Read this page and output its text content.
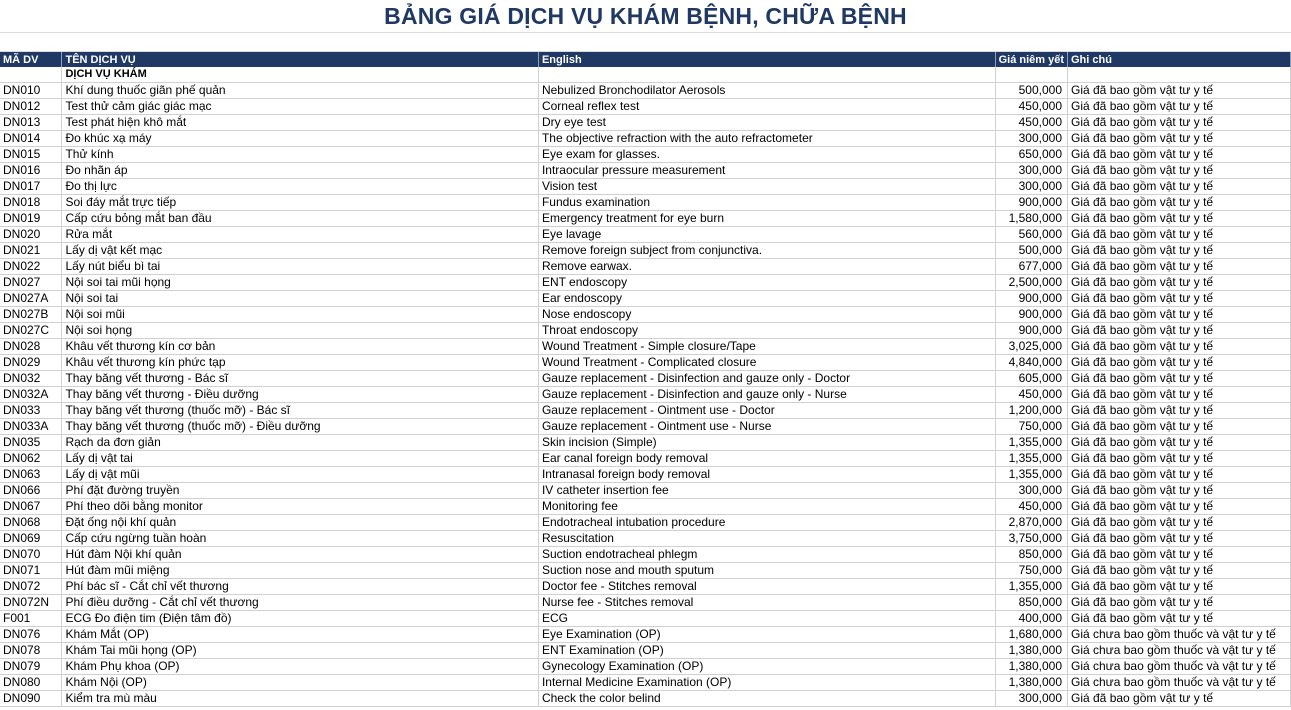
BẢNG GIÁ DỊCH VỤ KHÁM BỆNH, CHỮA BỆNH
MÃ DV	TÊN DỊCH VỤ	English	Giá niêm yết	Ghi chú
	DỊCH VỤ KHÁM			
DN010	Khí dung thuốc giãn phế quản	Nebulized Bronchodilator Aerosols	500,000	Giá đã bao gồm vật tư y tế
DN012	Test thử cảm giác giác mạc	Corneal reflex test	450,000	Giá đã bao gồm vật tư y tế
DN013	Test phát hiện khô mắt	Dry eye test	450,000	Giá đã bao gồm vật tư y tế
DN014	Đo khúc xạ máy	The objective refraction with the auto refractometer	300,000	Giá đã bao gồm vật tư y tế
DN015	Thử kính	Eye exam for glasses.	650,000	Giá đã bao gồm vật tư y tế
DN016	Đo nhãn áp	Intraocular pressure measurement	300,000	Giá đã bao gồm vật tư y tế
DN017	Đo thị lực	Vision test	300,000	Giá đã bao gồm vật tư y tế
DN018	Soi đáy mắt trực tiếp	Fundus examination	900,000	Giá đã bao gồm vật tư y tế
DN019	Cấp cứu bỏng mắt ban đầu	Emergency treatment for eye burn	1,580,000	Giá đã bao gồm vật tư y tế
DN020	Rửa mắt	Eye lavage	560,000	Giá đã bao gồm vật tư y tế
DN021	Lấy dị vật kết mạc	Remove foreign subject from conjunctiva.	500,000	Giá đã bao gồm vật tư y tế
DN022	Lấy nút biểu bì tai	Remove earwax.	677,000	Giá đã bao gồm vật tư y tế
DN027	Nội soi tai mũi họng	ENT endoscopy	2,500,000	Giá đã bao gồm vật tư y tế
DN027A	Nội soi tai	Ear endoscopy	900,000	Giá đã bao gồm vật tư y tế
DN027B	Nội soi mũi	Nose endoscopy	900,000	Giá đã bao gồm vật tư y tế
DN027C	Nội soi họng	Throat endoscopy	900,000	Giá đã bao gồm vật tư y tế
DN028	Khâu vết thương kín cơ bản	Wound Treatment - Simple closure/Tape	3,025,000	Giá đã bao gồm vật tư y tế
DN029	Khâu vết thương kín phức tạp	Wound Treatment - Complicated closure	4,840,000	Giá đã bao gồm vật tư y tế
DN032	Thay băng vết thương - Bác sĩ	Gauze replacement - Disinfection and gauze only - Doctor	605,000	Giá đã bao gồm vật tư y tế
DN032A	Thay băng vết thương - Điều dưỡng	Gauze replacement - Disinfection and gauze only - Nurse	450,000	Giá đã bao gồm vật tư y tế
DN033	Thay băng vết thương (thuốc mỡ) - Bác sĩ	Gauze replacement - Ointment use - Doctor	1,200,000	Giá đã bao gồm vật tư y tế
DN033A	Thay băng vết thương (thuốc mỡ) - Điều dưỡng	Gauze replacement - Ointment use - Nurse	750,000	Giá đã bao gồm vật tư y tế
DN035	Rạch da đơn giản	Skin incision (Simple)	1,355,000	Giá đã bao gồm vật tư y tế
DN062	Lấy dị vật tai	Ear canal foreign body removal	1,355,000	Giá đã bao gồm vật tư y tế
DN063	Lấy dị vật mũi	Intranasal foreign body removal	1,355,000	Giá đã bao gồm vật tư y tế
DN066	Phí đặt đường truyền	IV catheter insertion fee	300,000	Giá đã bao gồm vật tư y tế
DN067	Phí theo dõi bằng monitor	Monitoring fee	450,000	Giá đã bao gồm vật tư y tế
DN068	Đặt ống nội khí quản	Endotracheal intubation procedure	2,870,000	Giá đã bao gồm vật tư y tế
DN069	Cấp cứu ngừng tuần hoàn	Resuscitation	3,750,000	Giá đã bao gồm vật tư y tế
DN070	Hút đàm Nội khí quản	Suction endotracheal phlegm	850,000	Giá đã bao gồm vật tư y tế
DN071	Hút đàm mũi miệng	Suction nose and mouth sputum	750,000	Giá đã bao gồm vật tư y tế
DN072	Phí bác sĩ - Cắt chỉ vết thương	Doctor fee - Stitches removal	1,355,000	Giá đã bao gồm vật tư y tế
DN072N	Phí điều dưỡng - Cắt chỉ vết thương	Nurse fee - Stitches removal	850,000	Giá đã bao gồm vật tư y tế
F001	ECG Đo điện tim (Điện tâm đồ)	ECG	400,000	Giá đã bao gồm vật tư y tế
DN076	Khám Mắt (OP)	Eye Examination (OP)	1,680,000	Giá chưa bao gồm thuốc và vật tư y tế
DN078	Khám Tai mũi họng (OP)	ENT Examination (OP)	1,380,000	Giá chưa bao gồm thuốc và vật tư y tế
DN079	Khám Phụ khoa (OP)	Gynecology Examination (OP)	1,380,000	Giá chưa bao gồm thuốc và vật tư y tế
DN080	Khám Nội (OP)	Internal Medicine Examination (OP)	1,380,000	Giá chưa bao gồm thuốc và vật tư y tế
DN090	Kiểm tra mù màu	Check the color belind	300,000	Giá đã bao gồm vật tư y tế
